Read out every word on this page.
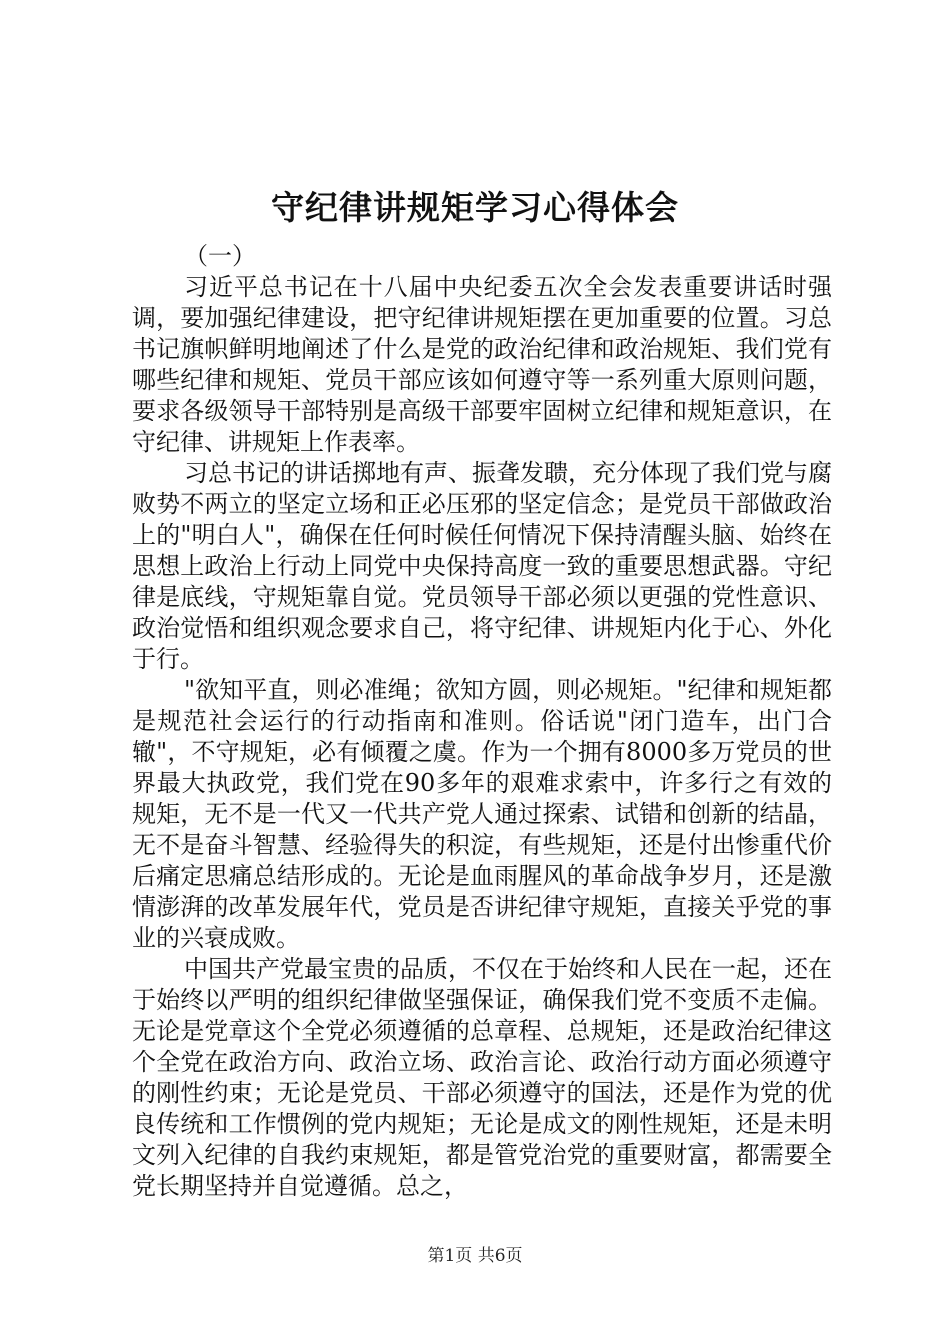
守纪律讲规矩学习心得体会

（一）

习近平总书记在十八届中央纪委五次全会发表重要讲话时强调，要加强纪律建设，把守纪律讲规矩摆在更加重要的位置。习总书记旗帜鲜明地阐述了什么是党的政治纪律和政治规矩、我们党有哪些纪律和规矩、党员干部应该如何遵守等一系列重大原则问题，要求各级领导干部特别是高级干部要牢固树立纪律和规矩意识，在守纪律、讲规矩上作表率。

习总书记的讲话掷地有声、振聋发聩，充分体现了我们党与腐败势不两立的坚定立场和正必压邪的坚定信念；是党员干部做政治上的"明白人"，确保在任何时候任何情况下保持清醒头脑、始终在思想上政治上行动上同党中央保持高度一致的重要思想武器。守纪律是底线，守规矩靠自觉。党员领导干部必须以更强的党性意识、政治觉悟和组织观念要求自己，将守纪律、讲规矩内化于心、外化于行。

"欲知平直，则必准绳；欲知方圆，则必规矩。"纪律和规矩都是规范社会运行的行动指南和准则。俗话说"闭门造车，出门合辙"，不守规矩，必有倾覆之虞。作为一个拥有8000多万党员的世界最大执政党，我们党在90多年的艰难求索中，许多行之有效的规矩，无不是一代又一代共产党人通过探索、试错和创新的结晶，无不是奋斗智慧、经验得失的积淀，有些规矩，还是付出惨重代价后痛定思痛总结形成的。无论是血雨腥风的革命战争岁月，还是激情澎湃的改革发展年代，党员是否讲纪律守规矩，直接关乎党的事业的兴衰成败。

中国共产党最宝贵的品质，不仅在于始终和人民在一起，还在于始终以严明的组织纪律做坚强保证，确保我们党不变质不走偏。无论是党章这个全党必须遵循的总章程、总规矩，还是政治纪律这个全党在政治方向、政治立场、政治言论、政治行动方面必须遵守的刚性约束；无论是党员、干部必须遵守的国法，还是作为党的优良传统和工作惯例的党内规矩；无论是成文的刚性规矩，还是未明文列入纪律的自我约束规矩，都是管党治党的重要财富，都需要全党长期坚持并自觉遵循。总之，

第1页 共6页
